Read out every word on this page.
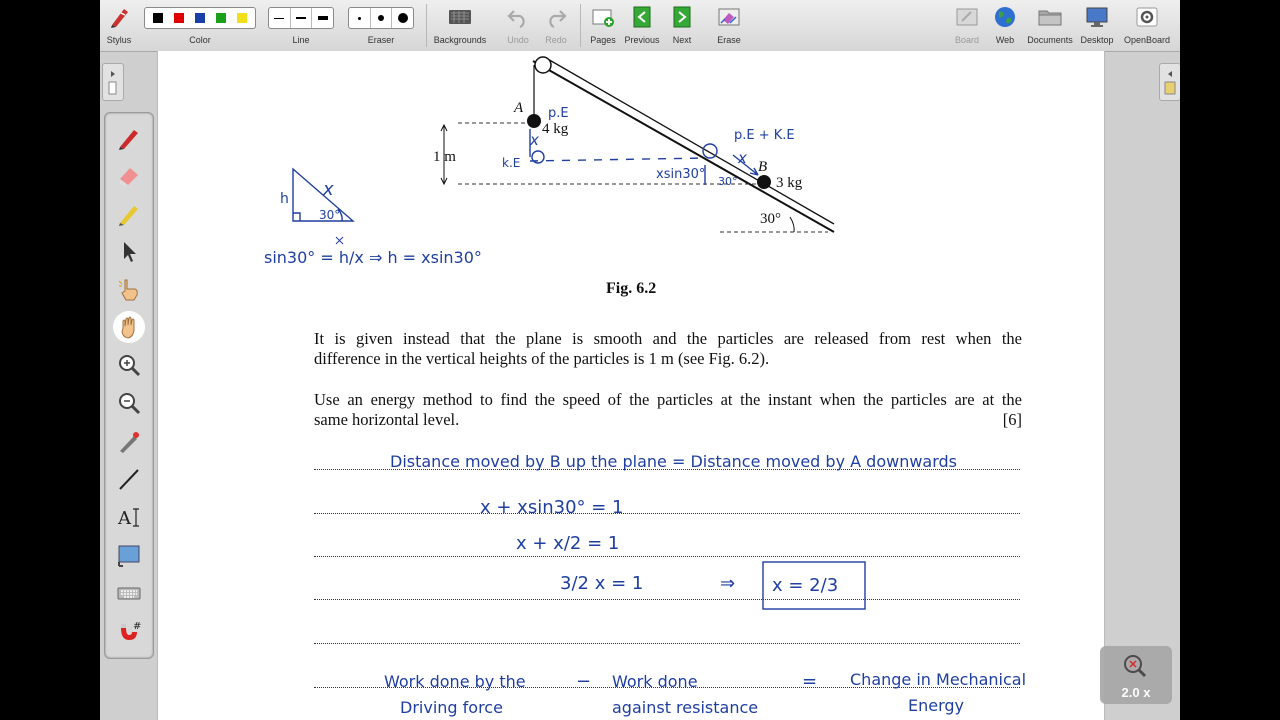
Stylus	Color	Line	Eraser	Backgrounds	Undo	Redo	Pages Previous	Next	Erase	Board	Web	Documents Desktop	OpenBoard
A
#
A
4 kg
B
3 kg
1 m
30°
Fig. 6.2
p.E
p.E + K.E
k.E
x
x
xsin30° 30°
h x
30°
sin30° = h/x ⇒ h = xsin30°
Distance moved by B up the plane = Distance moved by A downwards
x + xsin30° = 1
x + x/2 = 1
3/2 x = 1	⇒ x = 2/3
Work done by the
Driving force
− Work done
against resistance
= Change in Mechanical
Energy
It is given instead that the plane is smooth and the particles are released from rest when the
difference in the vertical heights of the particles is 1 m (see Fig. 6.2).
Use an energy method to find the speed of the particles at the instant when the particles are at the
same horizontal level.	[6]
2.0 x
